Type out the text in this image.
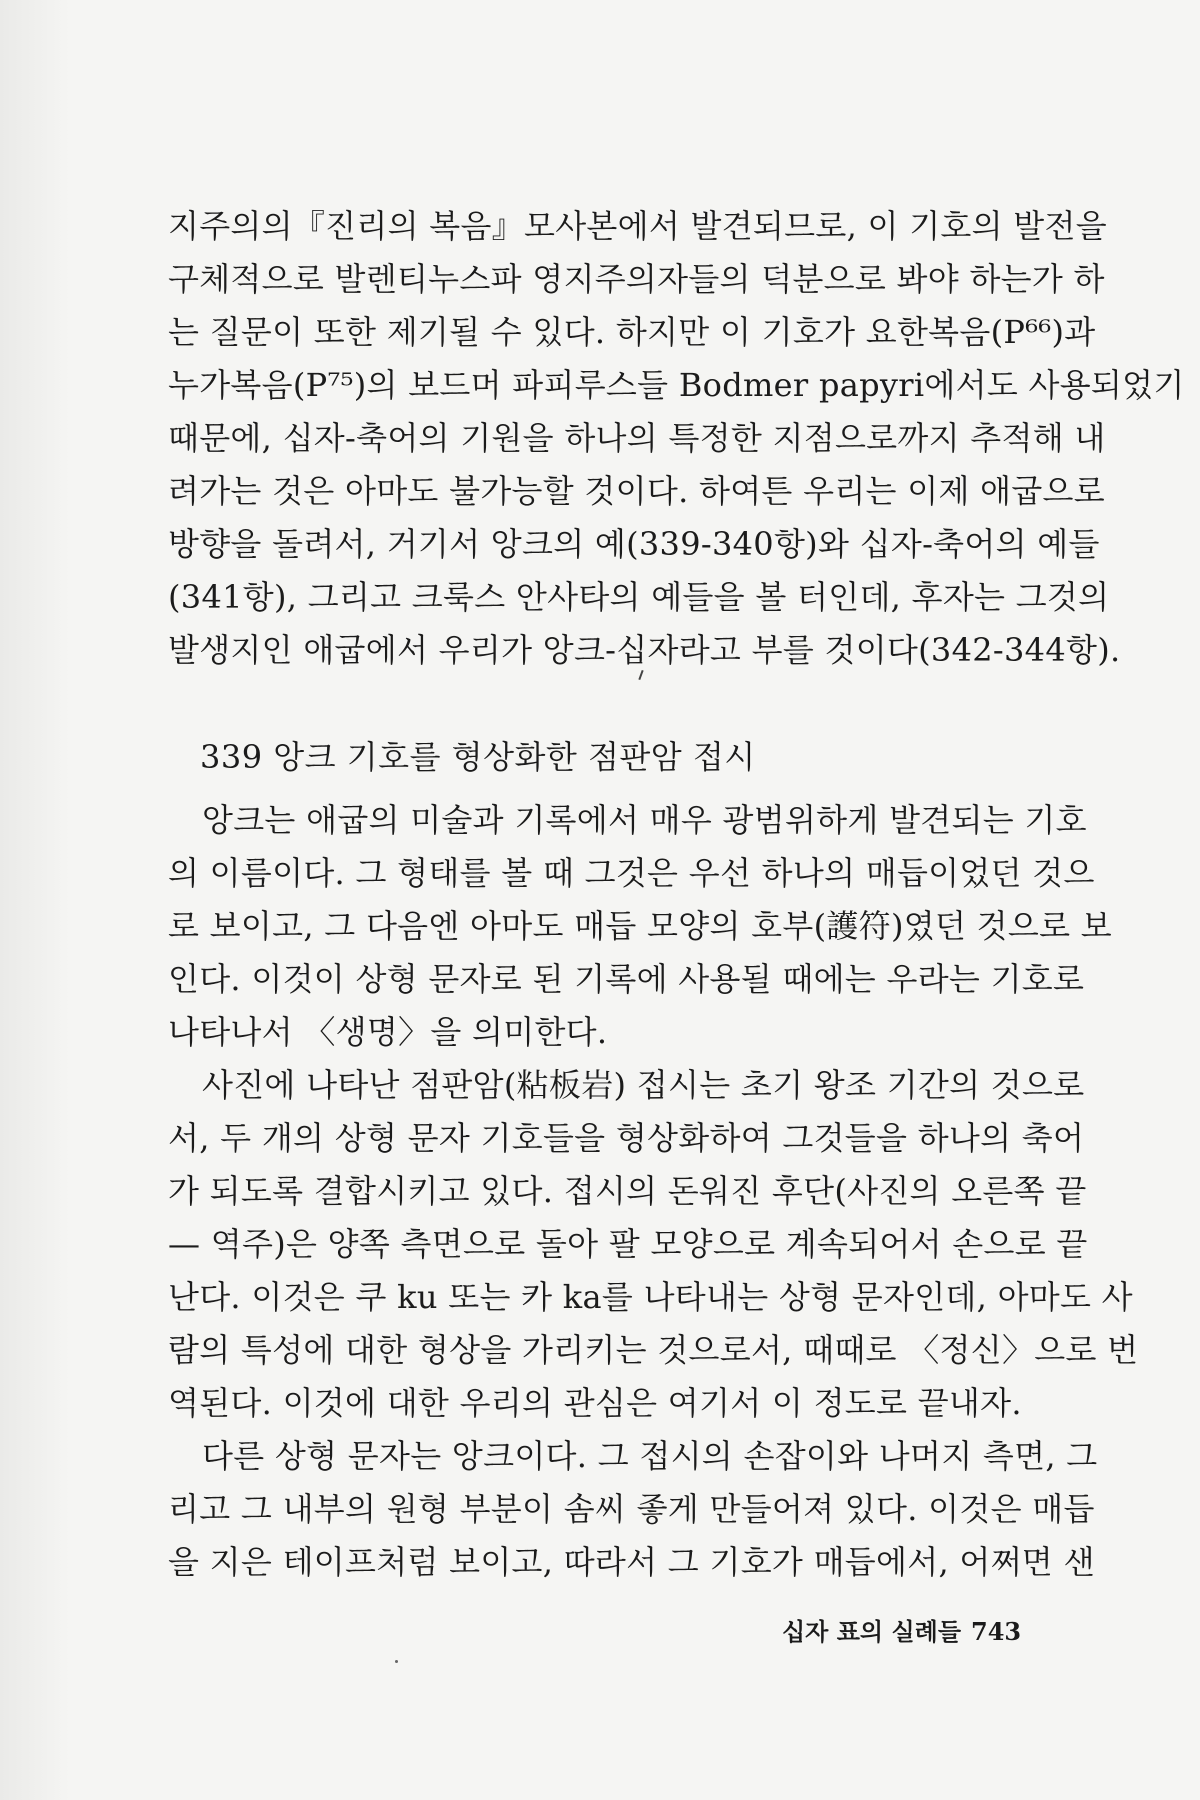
지주의의『진리의 복음』모사본에서 발견되므로, 이 기호의 발전을
구체적으로 발렌티누스파 영지주의자들의 덕분으로 봐야 하는가 하
는 질문이 또한 제기될 수 있다. 하지만 이 기호가 요한복음(P⁶⁶)과
누가복음(P⁷⁵)의 보드머 파피루스들 Bodmer papyri에서도 사용되었기
때문에, 십자-축어의 기원을 하나의 특정한 지점으로까지 추적해 내
려가는 것은 아마도 불가능할 것이다. 하여튼 우리는 이제 애굽으로
방향을 돌려서, 거기서 앙크의 예(339-340항)와 십자-축어의 예들
(341항), 그리고 크룩스 안사타의 예들을 볼 터인데, 후자는 그것의
발생지인 애굽에서 우리가 앙크-십자라고 부를 것이다(342-344항).
339 앙크 기호를 형상화한 점판암 접시
앙크는 애굽의 미술과 기록에서 매우 광범위하게 발견되는 기호
의 이름이다. 그 형태를 볼 때 그것은 우선 하나의 매듭이었던 것으
로 보이고, 그 다음엔 아마도 매듭 모양의 호부(護符)였던 것으로 보
인다. 이것이 상형 문자로 된 기록에 사용될 때에는 우라는 기호로
나타나서 〈생명〉을 의미한다.
사진에 나타난 점판암(粘板岩) 접시는 초기 왕조 기간의 것으로
서, 두 개의 상형 문자 기호들을 형상화하여 그것들을 하나의 축어
가 되도록 결합시키고 있다. 접시의 돈워진 후단(사진의 오른쪽 끝
— 역주)은 양쪽 측면으로 돌아 팔 모양으로 계속되어서 손으로 끝
난다. 이것은 쿠 ku 또는 카 ka를 나타내는 상형 문자인데, 아마도 사
람의 특성에 대한 형상을 가리키는 것으로서, 때때로 〈정신〉으로 번
역된다. 이것에 대한 우리의 관심은 여기서 이 정도로 끝내자.
다른 상형 문자는 앙크이다. 그 접시의 손잡이와 나머지 측면, 그
리고 그 내부의 원형 부분이 솜씨 좋게 만들어져 있다. 이것은 매듭
을 지은 테이프처럼 보이고, 따라서 그 기호가 매듭에서, 어쩌면 샌
십자 표의 실례들 743
